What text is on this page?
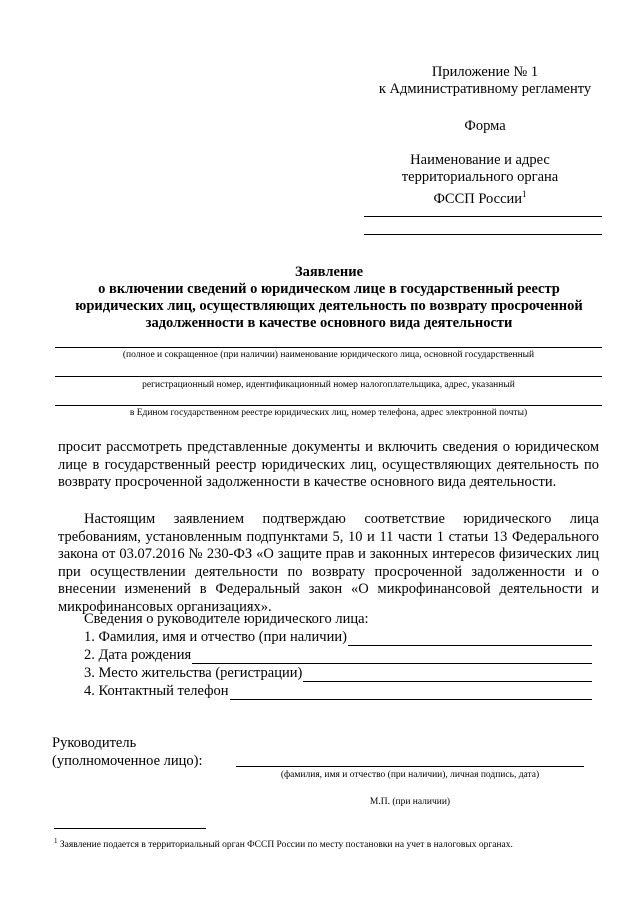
Приложение № 1
к Административному регламенту
Форма
Наименование и адрес
территориального органа
ФССП России$^1$
Заявление
о включении сведений о юридическом лице в государственный реестр
юридических лиц, осуществляющих деятельность по возврату просроченной
задолженности в качестве основного вида деятельности
(полное и сокращенное (при наличии) наименование юридического лица, основной государственный
регистрационный номер, идентификационный номер налогоплательщика, адрес, указанный
в Едином государственном реестре юридических лиц, номер телефона, адрес электронной почты)
просит рассмотреть представленные документы и включить сведения о юридическом лице в государственный реестр юридических лиц, осуществляющих деятельность по возврату просроченной задолженности в качестве основного вида деятельности.
Настоящим заявлением подтверждаю соответствие юридического лица требованиям, установленным подпунктами 5, 10 и 11 части 1 статьи 13 Федерального закона от 03.07.2016 № 230-ФЗ «О защите прав и законных интересов физических лиц при осуществлении деятельности по возврату просроченной задолженности и о внесении изменений в Федеральный закон «О микрофинансовой деятельности и микрофинансовых организациях».
Сведения о руководителе юридического лица:
1. Фамилия, имя и отчество (при наличии)
2. Дата рождения
3. Место жительства (регистрации)
4. Контактный телефон
Руководитель
(уполномоченное лицо):
(фамилия, имя и отчество (при наличии), личная подпись, дата)
М.П. (при наличии)
$^1$ Заявление подается в территориальный орган ФССП России по месту постановки на учет в налоговых органах.
